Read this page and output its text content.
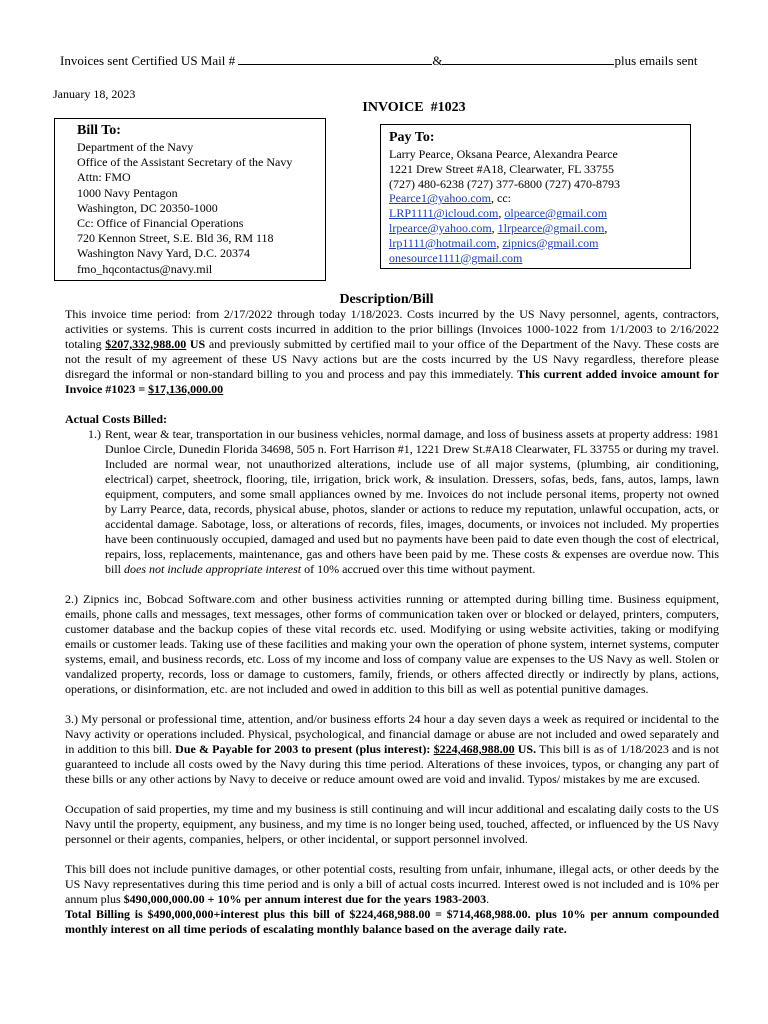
Invoices sent Certified US Mail #	&	plus emails sent
January 18, 2023
INVOICE  #1023
Bill To:
Department of the Navy
Office of the Assistant Secretary of the Navy
Attn: FMO
1000 Navy Pentagon
Washington, DC 20350-1000
Cc: Office of Financial Operations
720 Kennon Street, S.E. Bld 36, RM 118
Washington Navy Yard, D.C. 20374
fmo_hqcontactus@navy.mil
Pay To:
Larry Pearce, Oksana Pearce, Alexandra Pearce
1221 Drew Street #A18, Clearwater, FL 33755
(727) 480-6238 (727) 377-6800 (727) 470-8793
Pearce1@yahoo.com, cc:
LRP1111@icloud.com, olpearce@gmail.com
lrpearce@yahoo.com, 1lrpearce@gmail.com,
lrp1111@hotmail.com, zipnics@gmail.com
onesource1111@gmail.com
Description/Bill

This invoice time period: from 2/17/2022 through today 1/18/2023. Costs incurred by the US Navy personnel, agents, contractors, activities or systems. This is current costs incurred in addition to the prior billings (Invoices 1000-1022 from 1/1/2003 to 2/16/2022 totaling $207,332,988.00 US and previously submitted by certified mail to your office of the Department of the Navy. These costs are not the result of my agreement of these US Navy actions but are the costs incurred by the US Navy regardless, therefore please disregard the informal or non-standard billing to you and process and pay this immediately. This current added invoice amount for Invoice #1023 = $17,136,000.00

Actual Costs Billed:

1.) Rent, wear & tear, transportation in our business vehicles, normal damage, and loss of business assets at property address: 1981 Dunloe Circle, Dunedin Florida 34698, 505 n. Fort Harrison #1, 1221 Drew St.#A18 Clearwater, FL 33755 or during my travel. Included are normal wear, not unauthorized alterations, include use of all major systems, (plumbing, air conditioning, electrical) carpet, sheetrock, flooring, tile, irrigation, brick work, & insulation. Dressers, sofas, beds, fans, autos, lamps, lawn equipment, computers, and some small appliances owned by me. Invoices do not include personal items, property not owned by Larry Pearce, data, records, physical abuse, photos, slander or actions to reduce my reputation, unlawful occupation, acts, or accidental damage. Sabotage, loss, or alterations of records, files, images, documents, or invoices not included. My properties have been continuously occupied, damaged and used but no payments have been paid to date even though the cost of electrical, repairs, loss, replacements, maintenance, gas and others have been paid by me. These costs & expenses are overdue now. This bill does not include appropriate interest of 10% accrued over this time without payment.

2.) Zipnics inc, Bobcad Software.com and other business activities running or attempted during billing time. Business equipment, emails, phone calls and messages, text messages, other forms of communication taken over or blocked or delayed, printers, computers, customer database and the backup copies of these vital records etc. used. Modifying or using website activities, taking or modifying emails or customer leads. Taking use of these facilities and making your own the operation of phone system, internet systems, computer systems, email, and business records, etc. Loss of my income and loss of company value are expenses to the US Navy as well. Stolen or vandalized property, records, loss or damage to customers, family, friends, or others affected directly or indirectly by plans, actions, operations, or disinformation, etc. are not included and owed in addition to this bill as well as potential punitive damages.

3.) My personal or professional time, attention, and/or business efforts 24 hour a day seven days a week as required or incidental to the Navy activity or operations included. Physical, psychological, and financial damage or abuse are not included and owed separately and in addition to this bill. Due & Payable for 2003 to present (plus interest): $224,468,988.00 US. This bill is as of 1/18/2023 and is not guaranteed to include all costs owed by the Navy during this time period. Alterations of these invoices, typos, or changing any part of these bills or any other actions by Navy to deceive or reduce amount owed are void and invalid. Typos/ mistakes by me are excused.

Occupation of said properties, my time and my business is still continuing and will incur additional and escalating daily costs to the US Navy until the property, equipment, any business, and my time is no longer being used, touched, affected, or influenced by the US Navy personnel or their agents, companies, helpers, or other incidental, or support personnel involved.

This bill does not include punitive damages, or other potential costs, resulting from unfair, inhumane, illegal acts, or other deeds by the US Navy representatives during this time period and is only a bill of actual costs incurred. Interest owed is not included and is 10% per annum plus $490,000,000.00 + 10% per annum interest due for the years 1983-2003.

Total Billing is $490,000,000+interest plus this bill of $224,468,988.00 = $714,468,988.00. plus 10% per annum compounded monthly interest on all time periods of escalating monthly balance based on the average daily rate.
